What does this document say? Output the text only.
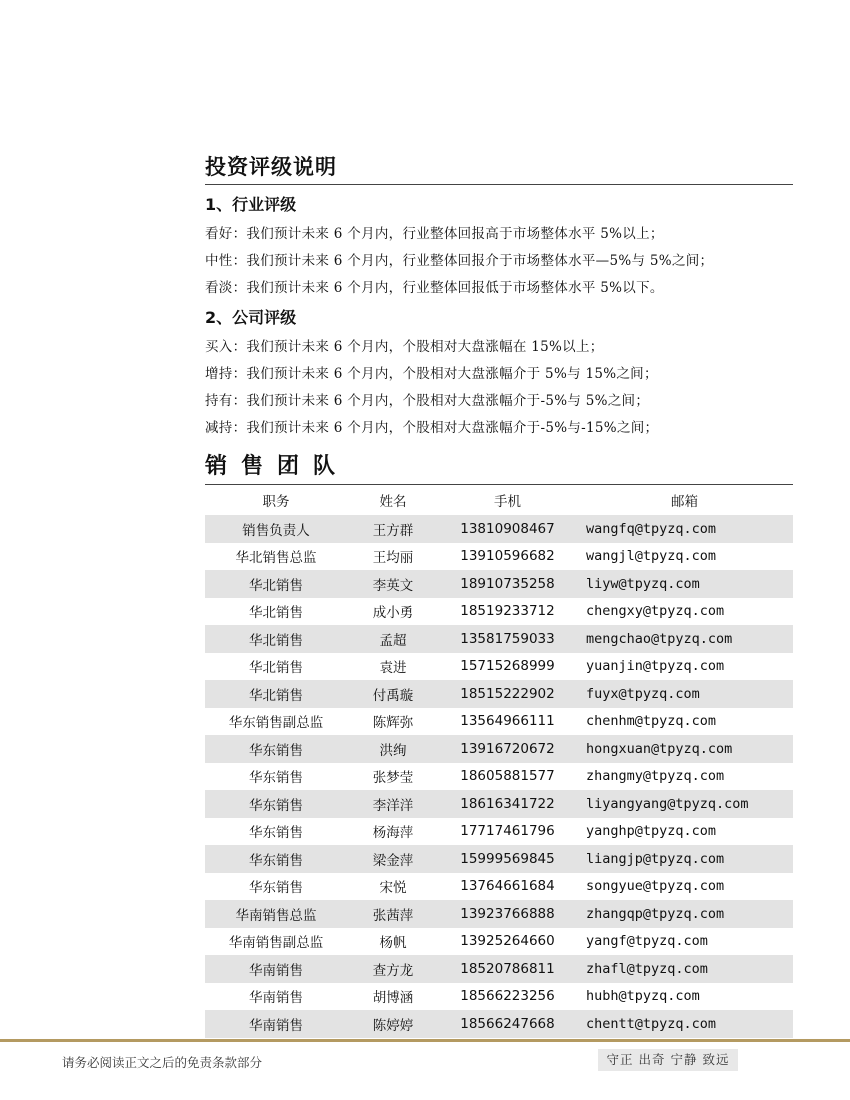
投资评级说明
1、行业评级
看好：我们预计未来 6 个月内，行业整体回报高于市场整体水平 5%以上；
中性：我们预计未来 6 个月内，行业整体回报介于市场整体水平—5%与 5%之间；
看淡：我们预计未来 6 个月内，行业整体回报低于市场整体水平 5%以下。
2、公司评级
买入：我们预计未来 6 个月内，个股相对大盘涨幅在 15%以上；
增持：我们预计未来 6 个月内，个股相对大盘涨幅介于 5%与 15%之间；
持有：我们预计未来 6 个月内，个股相对大盘涨幅介于-5%与 5%之间；
减持：我们预计未来 6 个月内，个股相对大盘涨幅介于-5%与-15%之间；
销售团队
职务	姓名	手机	邮箱
销售负责人	王方群	13810908467	wangfq@tpyzq.com
华北销售总监	王均丽	13910596682	wangjl@tpyzq.com
华北销售	李英文	18910735258	liyw@tpyzq.com
华北销售	成小勇	18519233712	chengxy@tpyzq.com
华北销售	孟超	13581759033	mengchao@tpyzq.com
华北销售	袁进	15715268999	yuanjin@tpyzq.com
华北销售	付禹璇	18515222902	fuyx@tpyzq.com
华东销售副总监	陈辉弥	13564966111	chenhm@tpyzq.com
华东销售	洪绚	13916720672	hongxuan@tpyzq.com
华东销售	张梦莹	18605881577	zhangmy@tpyzq.com
华东销售	李洋洋	18616341722	liyangyang@tpyzq.com
华东销售	杨海萍	17717461796	yanghp@tpyzq.com
华东销售	梁金萍	15999569845	liangjp@tpyzq.com
华东销售	宋悦	13764661684	songyue@tpyzq.com
华南销售总监	张茜萍	13923766888	zhangqp@tpyzq.com
华南销售副总监	杨帆	13925264660	yangf@tpyzq.com
华南销售	查方龙	18520786811	zhafl@tpyzq.com
华南销售	胡博涵	18566223256	hubh@tpyzq.com
华南销售	陈婷婷	18566247668	chentt@tpyzq.com
请务必阅读正文之后的免责条款部分	守正 出奇 宁静 致远
